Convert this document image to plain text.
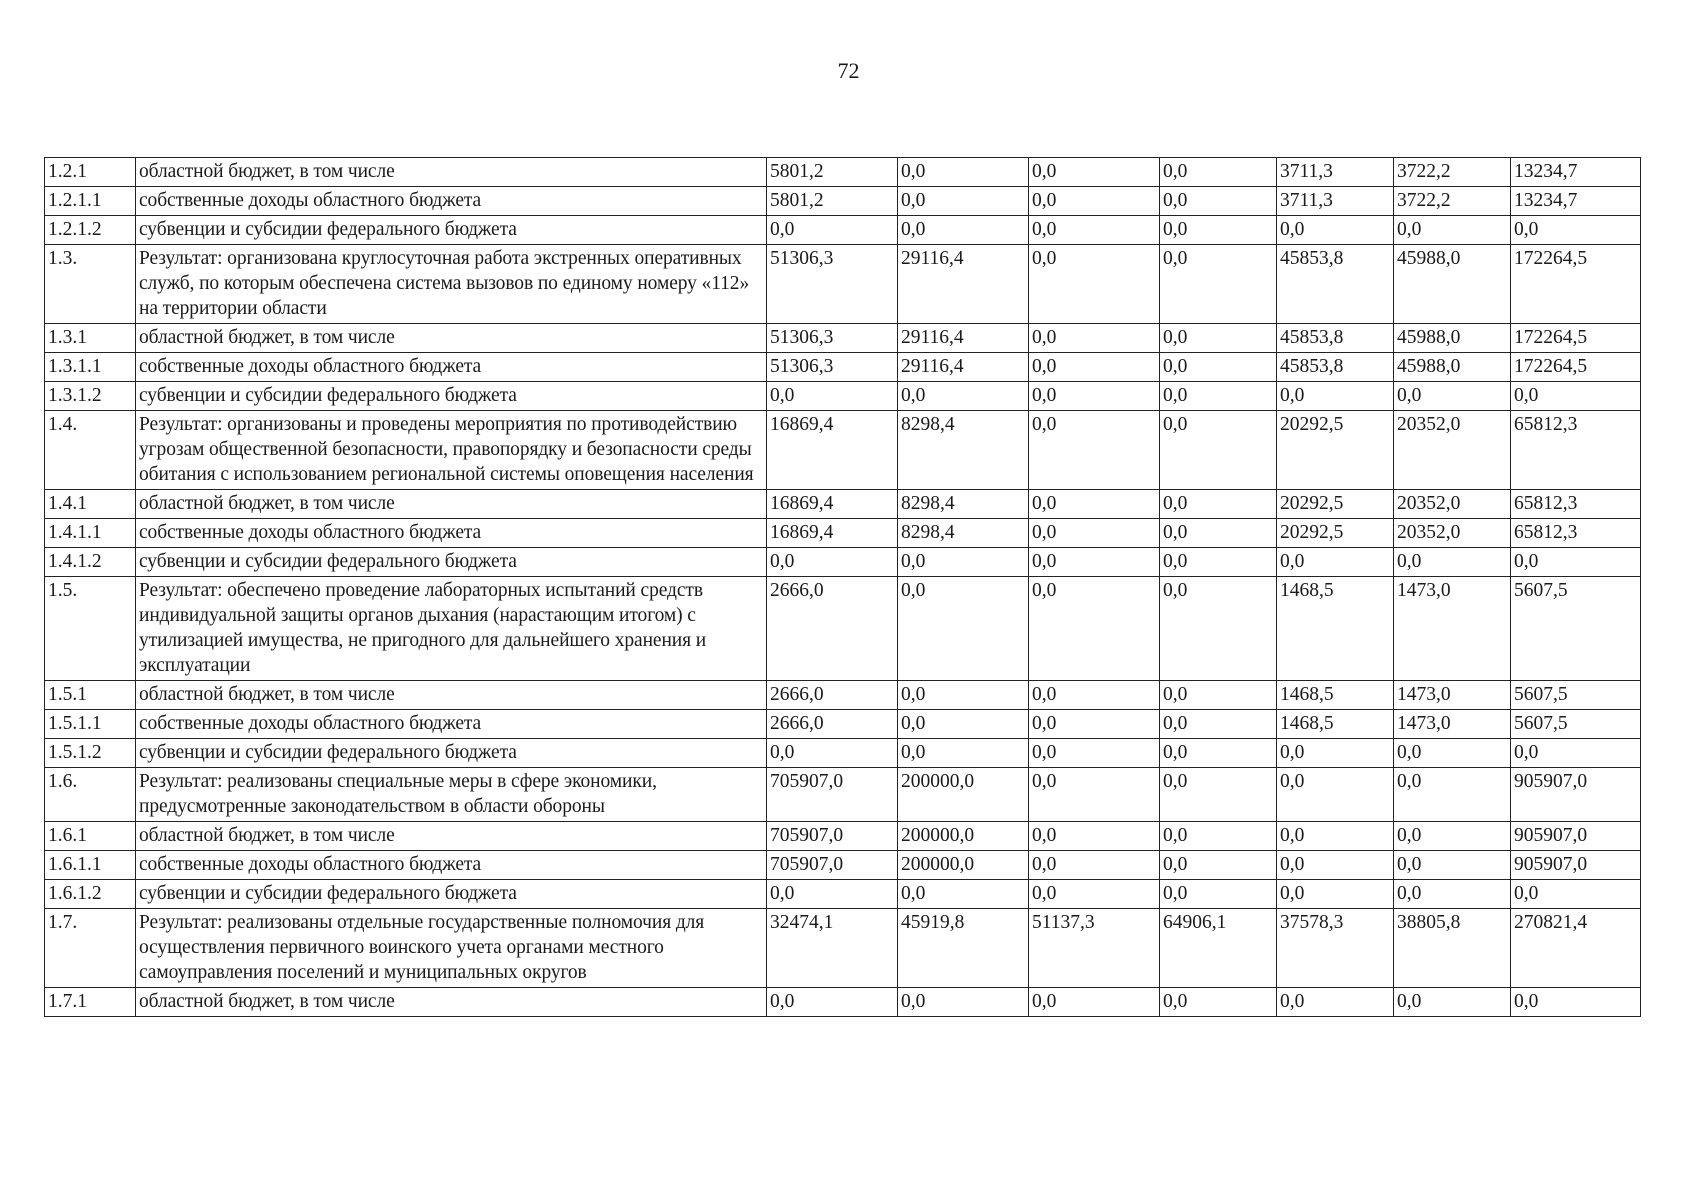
72
1.2.1	областной бюджет, в том числе	5801,2	0,0	0,0	0,0	3711,3	3722,2	13234,7
1.2.1.1	собственные доходы областного бюджета	5801,2	0,0	0,0	0,0	3711,3	3722,2	13234,7
1.2.1.2	субвенции и субсидии федерального бюджета	0,0	0,0	0,0	0,0	0,0	0,0	0,0
1.3.	Результат: организована круглосуточная работа экстренных оперативных служб, по которым обеспечена система вызовов по единому номеру «112» на территории области	51306,3	29116,4	0,0	0,0	45853,8	45988,0	172264,5
1.3.1	областной бюджет, в том числе	51306,3	29116,4	0,0	0,0	45853,8	45988,0	172264,5
1.3.1.1	собственные доходы областного бюджета	51306,3	29116,4	0,0	0,0	45853,8	45988,0	172264,5
1.3.1.2	субвенции и субсидии федерального бюджета	0,0	0,0	0,0	0,0	0,0	0,0	0,0
1.4.	Результат: организованы и проведены мероприятия по противодействию угрозам общественной безопасности, правопорядку и безопасности среды обитания с использованием региональной системы оповещения населения	16869,4	8298,4	0,0	0,0	20292,5	20352,0	65812,3
1.4.1	областной бюджет, в том числе	16869,4	8298,4	0,0	0,0	20292,5	20352,0	65812,3
1.4.1.1	собственные доходы областного бюджета	16869,4	8298,4	0,0	0,0	20292,5	20352,0	65812,3
1.4.1.2	субвенции и субсидии федерального бюджета	0,0	0,0	0,0	0,0	0,0	0,0	0,0
1.5.	Результат: обеспечено проведение лабораторных испытаний средств индивидуальной защиты органов дыхания (нарастающим итогом) с утилизацией имущества, не пригодного для дальнейшего хранения и эксплуатации	2666,0	0,0	0,0	0,0	1468,5	1473,0	5607,5
1.5.1	областной бюджет, в том числе	2666,0	0,0	0,0	0,0	1468,5	1473,0	5607,5
1.5.1.1	собственные доходы областного бюджета	2666,0	0,0	0,0	0,0	1468,5	1473,0	5607,5
1.5.1.2	субвенции и субсидии федерального бюджета	0,0	0,0	0,0	0,0	0,0	0,0	0,0
1.6.	Результат: реализованы специальные меры в сфере экономики, предусмотренные законодательством в области обороны	705907,0	200000,0	0,0	0,0	0,0	0,0	905907,0
1.6.1	областной бюджет, в том числе	705907,0	200000,0	0,0	0,0	0,0	0,0	905907,0
1.6.1.1	собственные доходы областного бюджета	705907,0	200000,0	0,0	0,0	0,0	0,0	905907,0
1.6.1.2	субвенции и субсидии федерального бюджета	0,0	0,0	0,0	0,0	0,0	0,0	0,0
1.7.	Результат: реализованы отдельные государственные полномочия для осуществления первичного воинского учета органами местного самоуправления поселений и муниципальных округов	32474,1	45919,8	51137,3	64906,1	37578,3	38805,8	270821,4
1.7.1	областной бюджет, в том числе	0,0	0,0	0,0	0,0	0,0	0,0	0,0
